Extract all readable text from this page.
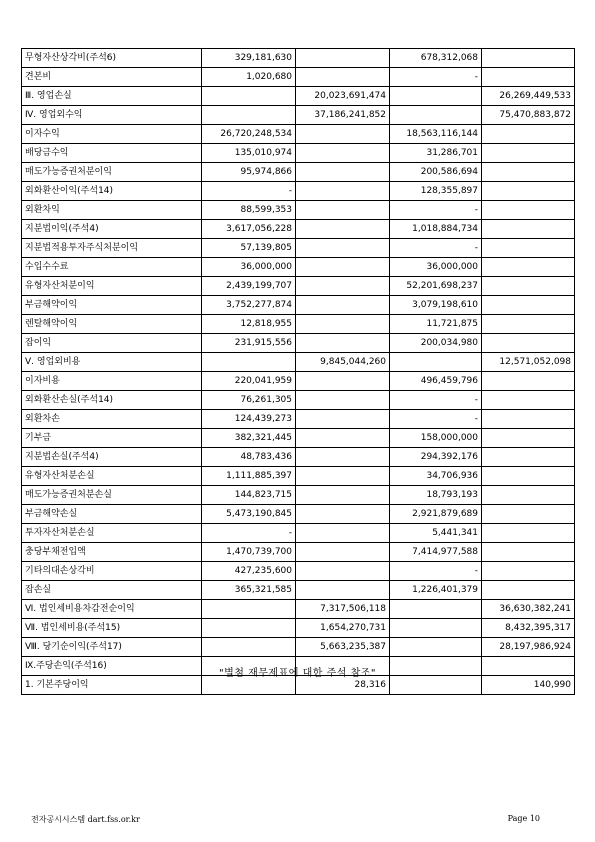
무형자산상각비(주석6)	329,181,630		678,312,068	
견본비	1,020,680		-	
Ⅲ. 영업손실		20,023,691,474		26,269,449,533
Ⅳ. 영업외수익		37,186,241,852		75,470,883,872
이자수익	26,720,248,534		18,563,116,144	
배당금수익	135,010,974		31,286,701	
매도가능증권처분이익	95,974,866		200,586,694	
외화환산이익(주석14)	-		128,355,897	
외환차익	88,599,353		-	
지분법이익(주석4)	3,617,056,228		1,018,884,734	
지분법적용투자주식처분이익	57,139,805		-	
수입수수료	36,000,000		36,000,000	
유형자산처분이익	2,439,199,707		52,201,698,237	
부금해약이익	3,752,277,874		3,079,198,610	
렌탈해약이익	12,818,955		11,721,875	
잡이익	231,915,556		200,034,980	
Ⅴ. 영업외비용		9,845,044,260		12,571,052,098
이자비용	220,041,959		496,459,796	
외화환산손실(주석14)	76,261,305		-	
외환차손	124,439,273		-	
기부금	382,321,445		158,000,000	
지분법손실(주석4)	48,783,436		294,392,176	
유형자산처분손실	1,111,885,397		34,706,936	
매도가능증권처분손실	144,823,715		18,793,193	
부금해약손실	5,473,190,845		2,921,879,689	
투자자산처분손실	-		5,441,341	
충당부채전입액	1,470,739,700		7,414,977,588	
기타의대손상각비	427,235,600		-	
잡손실	365,321,585		1,226,401,379	
Ⅵ. 법인세비용차감전순이익		7,317,506,118		36,630,382,241
Ⅶ. 법인세비용(주석15)		1,654,270,731		8,432,395,317
Ⅷ. 당기순이익(주석17)		5,663,235,387		28,197,986,924
Ⅸ.주당손익(주석16)				
1. 기본주당이익		28,316		140,990
"별첨 재무제표에 대한 주석 참조"
전자공시시스템 dart.fss.or.kr	Page 10
